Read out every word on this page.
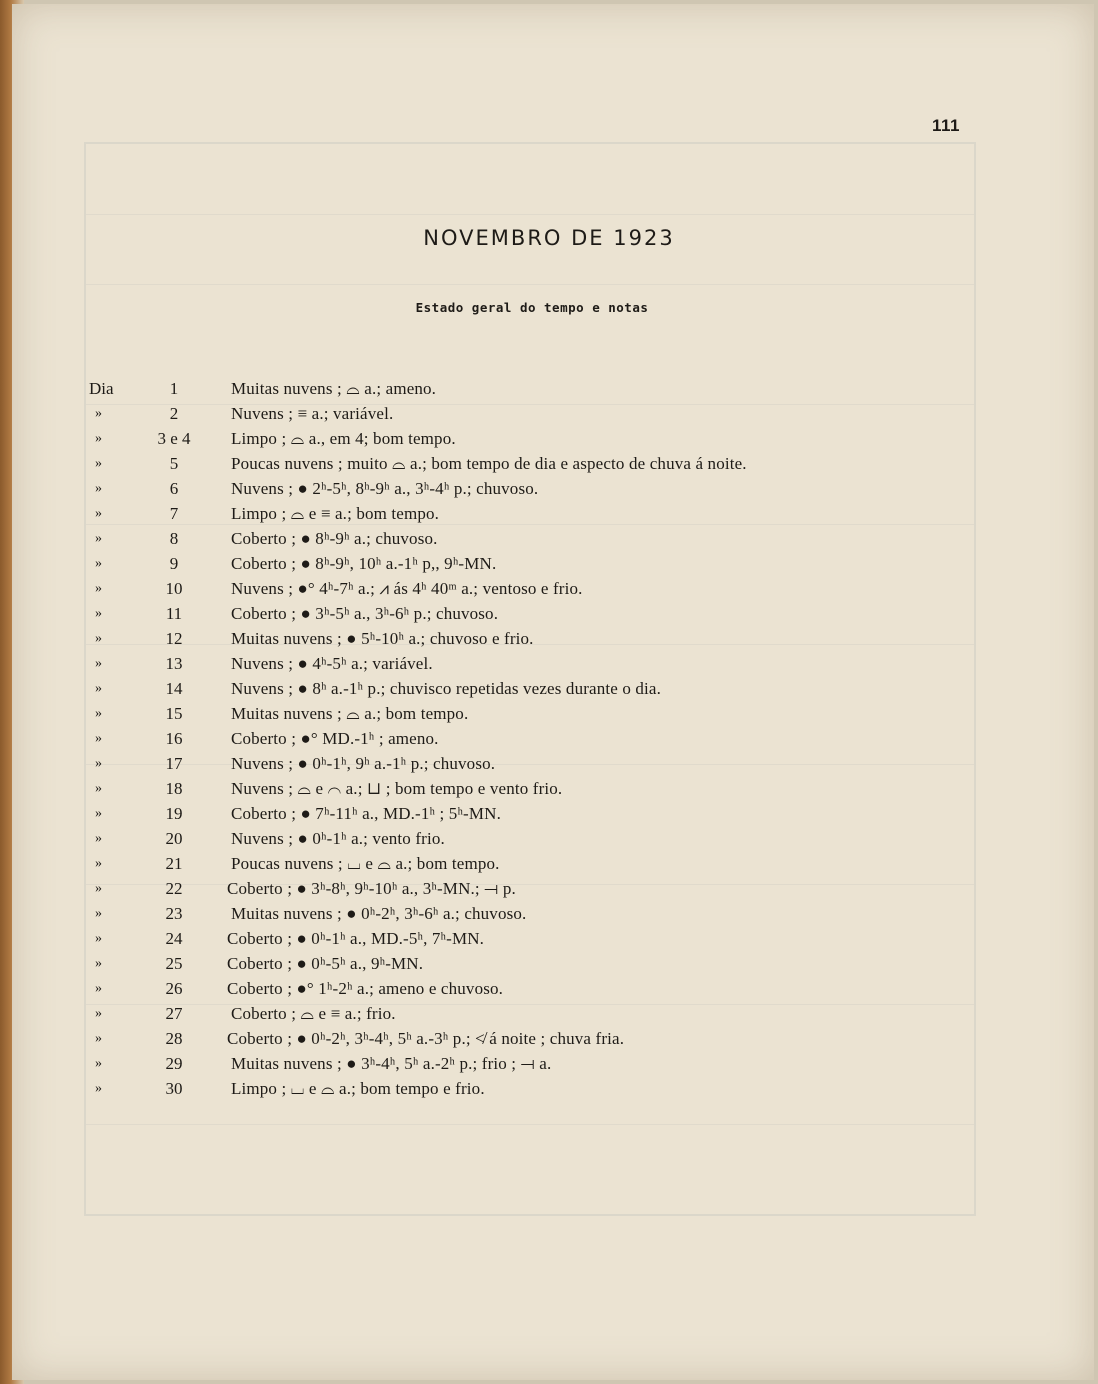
111
NOVEMBRO DE 1923
Estado geral do tempo e notas
Dia	1	Muitas nuvens ; ⌓ a.; ameno.
»	2	Nuvens ; ≡ a.; variável.
»	3 e 4	Limpo ; ⌓ a., em 4; bom tempo.
»	5	Poucas nuvens ; muito ⌓ a.; bom tempo de dia e aspecto de chuva á noite.
»	6	Nuvens ; ● 2ʰ-5ʰ, 8ʰ-9ʰ a., 3ʰ-4ʰ p.; chuvoso.
»	7	Limpo ; ⌓ e ≡ a.; bom tempo.
»	8	Coberto ; ● 8ʰ-9ʰ a.; chuvoso.
»	9	Coberto ; ● 8ʰ-9ʰ, 10ʰ a.-1ʰ p,, 9ʰ-MN.
»	10	Nuvens ; ●° 4ʰ-7ʰ a.; ⩘ ás 4ʰ 40ᵐ a.; ventoso e frio.
»	11	Coberto ; ● 3ʰ-5ʰ a., 3ʰ-6ʰ p.; chuvoso.
»	12	Muitas nuvens ; ● 5ʰ-10ʰ a.; chuvoso e frio.
»	13	Nuvens ; ● 4ʰ-5ʰ a.; variável.
»	14	Nuvens ; ● 8ʰ a.-1ʰ p.; chuvisco repetidas vezes durante o dia.
»	15	Muitas nuvens ; ⌓ a.; bom tempo.
»	16	Coberto ; ●° MD.-1ʰ ; ameno.
»	17	Nuvens ; ● 0ʰ-1ʰ, 9ʰ a.-1ʰ p.; chuvoso.
»	18	Nuvens ; ⌓ e ⌒ a.; ⊔ ; bom tempo e vento frio.
»	19	Coberto ; ● 7ʰ-11ʰ a., MD.-1ʰ ; 5ʰ-MN.
»	20	Nuvens ; ● 0ʰ-1ʰ a.; vento frio.
»	21	Poucas nuvens ; ⌴ e ⌓ a.; bom tempo.
»	22	Coberto ; ● 3ʰ-8ʰ, 9ʰ-10ʰ a., 3ʰ-MN.; ⟞ p.
»	23	Muitas nuvens ; ● 0ʰ-2ʰ, 3ʰ-6ʰ a.; chuvoso.
»	24	Coberto ; ● 0ʰ-1ʰ a., MD.-5ʰ, 7ʰ-MN.
»	25	Coberto ; ● 0ʰ-5ʰ a., 9ʰ-MN.
»	26	Coberto ; ●° 1ʰ-2ʰ a.; ameno e chuvoso.
»	27	Coberto ; ⌓ e ≡ a.; frio.
»	28	Coberto ; ● 0ʰ-2ʰ, 3ʰ-4ʰ, 5ʰ a.-3ʰ p.; ≮ á noite ; chuva fria.
»	29	Muitas nuvens ; ● 3ʰ-4ʰ, 5ʰ a.-2ʰ p.; frio ; ⟞ a.
»	30	Limpo ; ⌴ e ⌓ a.; bom tempo e frio.
